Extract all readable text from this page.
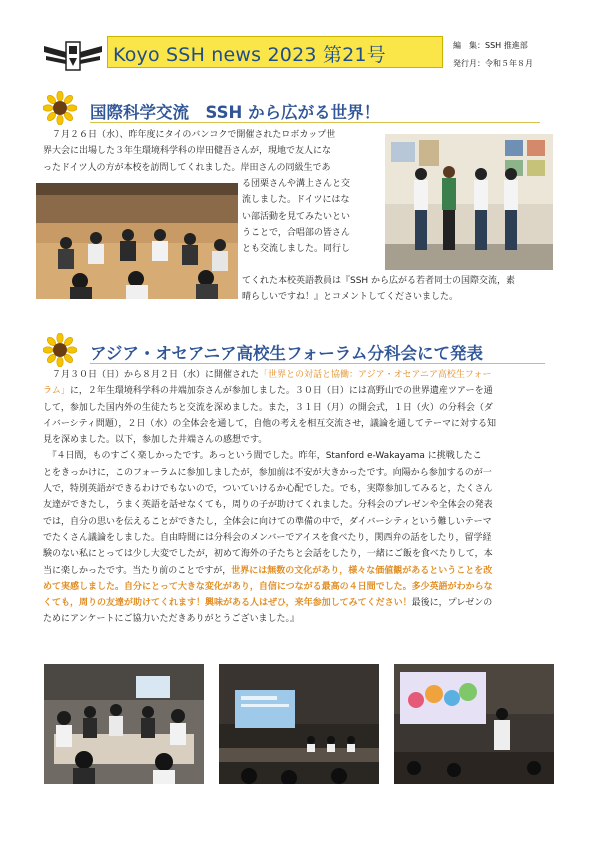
Koyo SSH news 2023 第21号	編　集：SSH 推進部
発行月：令和５年８月
国際科学交流　SSH から広がる世界！
　７月２６日（水）、昨年度にタイのバンコクで開催されたロボカップ世
界大会に出場した３年生環境科学科の岸田健吾さんが，現地で友人にな
ったドイツ人の方が本校を訪問してくれました。岸田さんの同級生であ
る団栗さんや溝上さんと交
流しました。ドイツにはな
い部活動を見てみたいとい
うことで，合唱部の皆さん
とも交流しました。同行し
てくれた本校英語教員は『SSH から広がる若者同士の国際交流，素
晴らしいですね！』とコメントしてくださいました。
アジア・オセアニア高校生フォーラム分科会にて発表
　７月３０日（日）から８月２日（水）に開催された「世界との対話と協働：アジア・オセアニア高校生フォー
ラム」に，２年生環境科学科の井端加奈さんが参加しました。３０日（日）には高野山での世界遺産ツアーを通
して，参加した国内外の生徒たちと交流を深めました。また，３１日（月）の開会式，１日（火）の分科会（ダ
イバーシティ問題），２日（水）の全体会を通して，自他の考えを相互交流させ，議論を通してテーマに対する知
見を深めました。以下，参加した井端さんの感想です。
　『４日間，ものすごく楽しかったです。あっという間でした。昨年，Stanford e-Wakayama に挑戦したこ
とをきっかけに，このフォーラムに参加しましたが，参加前は不安が大きかったです。向陽から参加するのが一
人で，特別英語ができるわけでもないので，ついていけるか心配でした。でも，実際参加してみると，たくさん
友達ができたし，うまく英語を話せなくても，周りの子が助けてくれました。分科会のプレゼンや全体会の発表
では，自分の思いを伝えることができたし，全体会に向けての準備の中で，ダイバーシティという難しいテーマ
でたくさん議論をしました。自由時間には分科会のメンバーでアイスを食べたり，関西弁の話をしたり，留学経
験のない私にとっては少し大変でしたが，初めて海外の子たちと会話をしたり，一緒にご飯を食べたりして，本
当に楽しかったです。当たり前のことですが，世界には無数の文化があり，様々な価値観があるということを改
めて実感しました。自分にとって大きな変化があり，自信につながる最高の４日間でした。多少英語がわからな
くても，周りの友達が助けてくれます！興味がある人はぜひ，来年参加してみてください！最後に，プレゼンの
ためにアンケートにご協力いただきありがとうございました。』
